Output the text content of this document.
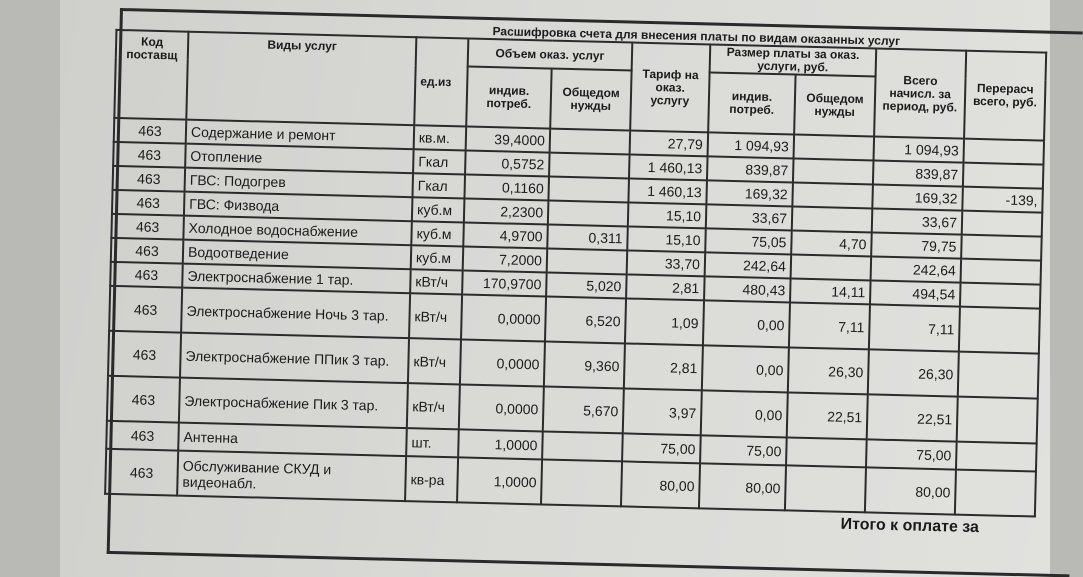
Расшифровка счета для внесения платы по видам оказанных услуг
Код поставщ	Виды услуг	ед.из	Объем оказ. услуг		Тариф на оказ. услугу	Размер платы за оказ. услуги, руб.		Всего начисл. за период, руб.	Перерасч всего, руб.
			индив. потреб.	Общедом нужды		индив. потреб.	Общедом нужды		
463	Содержание и ремонт	кв.м.	39,4000		27,79	1 094,93		1 094,93	
463	Отопление	Гкал	0,5752		1 460,13	839,87		839,87	
463	ГВС: Подогрев	Гкал	0,1160		1 460,13	169,32		169,32	-139,
463	ГВС: Физвода	куб.м	2,2300		15,10	33,67		33,67	
463	Холодное водоснабжение	куб.м	4,9700	0,311	15,10	75,05	4,70	79,75	
463	Водоотведение	куб.м	7,2000		33,70	242,64		242,64	
463	Электроснабжение 1 тар.	кВт/ч	170,9700	5,020	2,81	480,43	14,11	494,54	
463	Электроснабжение Ночь 3 тар.	кВт/ч	0,0000	6,520	1,09	0,00	7,11	7,11	
463	Электроснабжение ППик 3 тар.	кВт/ч	0,0000	9,360	2,81	0,00	26,30	26,30	
463	Электроснабжение Пик 3 тар.	кВт/ч	0,0000	5,670	3,97	0,00	22,51	22,51	
463	Антенна	шт.	1,0000		75,00	75,00		75,00	
463	Обслуживание СКУД и видеонабл.	кв-ра	1,0000		80,00	80,00		80,00	
Итого к оплате за
